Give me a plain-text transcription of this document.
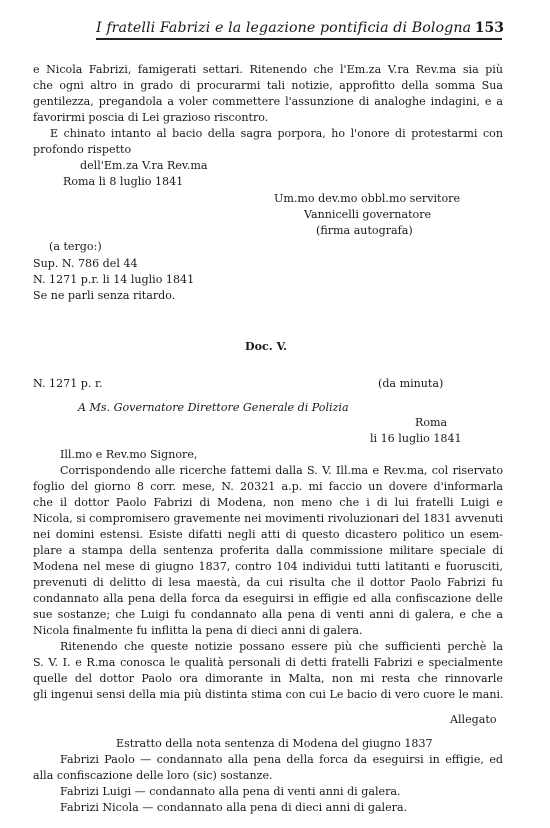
I fratelli Fabrizi e la legazione pontificia di Bologna 153
e Nicola Fabrizi, famigerati settari. Ritenendo che l'Em.za V.ra Rev.ma sia più
che ogni altro in grado di procurarmi tali notizie, approfitto della somma Sua
gentilezza, pregandola a voler commettere l'assunzione di analoghe indagini, e a
favorirmi poscia di Lei grazioso riscontro.
E chinato intanto al bacio della sagra porpora, ho l'onore di protestarmi con
profondo rispetto
dell'Em.za V.ra Rev.ma
Roma li 8 luglio 1841
Um.mo dev.mo obbl.mo servitore
Vannicelli governatore
(firma autografa)
(a tergo:)
Sup. N. 786 del 44
N. 1271 p.r. li 14 luglio 1841
Se ne parli senza ritardo.
Doc. V.
N. 1271 p. r.	(da minuta)
A Ms. Governatore Direttore Generale di Polizia
Roma
li 16 luglio 1841
Ill.mo e Rev.mo Signore,
Corrispondendo alle ricerche fattemi dalla S. V. Ill.ma e Rev.ma, col riservato
foglio del giorno 8 corr. mese, N. 20321 a.p. mi faccio un dovere d'informarla
che il dottor Paolo Fabrizi di Modena, non meno che i di lui fratelli Luigi e
Nicola, si compromisero gravemente nei movimenti rivoluzionari del 1831 avvenuti
nei domini estensi. Esiste difatti negli atti di questo dicastero politico un esem-
plare a stampa della sentenza proferita dalla commissione militare speciale di
Modena nel mese di giugno 1837, contro 104 individui tutti latitanti e fuorusciti,
prevenuti di delitto di lesa maestà, da cui risulta che il dottor Paolo Fabrizi fu
condannato alla pena della forca da eseguirsi in effigie ed alla confiscazione delle
sue sostanze; che Luigi fu condannato alla pena di venti anni di galera, e che a
Nicola finalmente fu inflitta la pena di dieci anni di galera.
Ritenendo che queste notizie possano essere più che sufficienti perchè la
S. V. I. e R.ma conosca le qualità personali di detti fratelli Fabrizi e specialmente
quelle del dottor Paolo ora dimorante in Malta, non mi resta che rinnovarle
gli ingenui sensi della mia più distinta stima con cui Le bacio di vero cuore le mani.
Allegato
Estratto della nota sentenza di Modena del giugno 1837
Fabrizi Paolo — condannato alla pena della forca da eseguirsi in effigie, ed
alla confiscazione delle loro (sic) sostanze.
Fabrizi Luigi — condannato alla pena di venti anni di galera.
Fabrizi Nicola — condannato alla pena di dieci anni di galera.
